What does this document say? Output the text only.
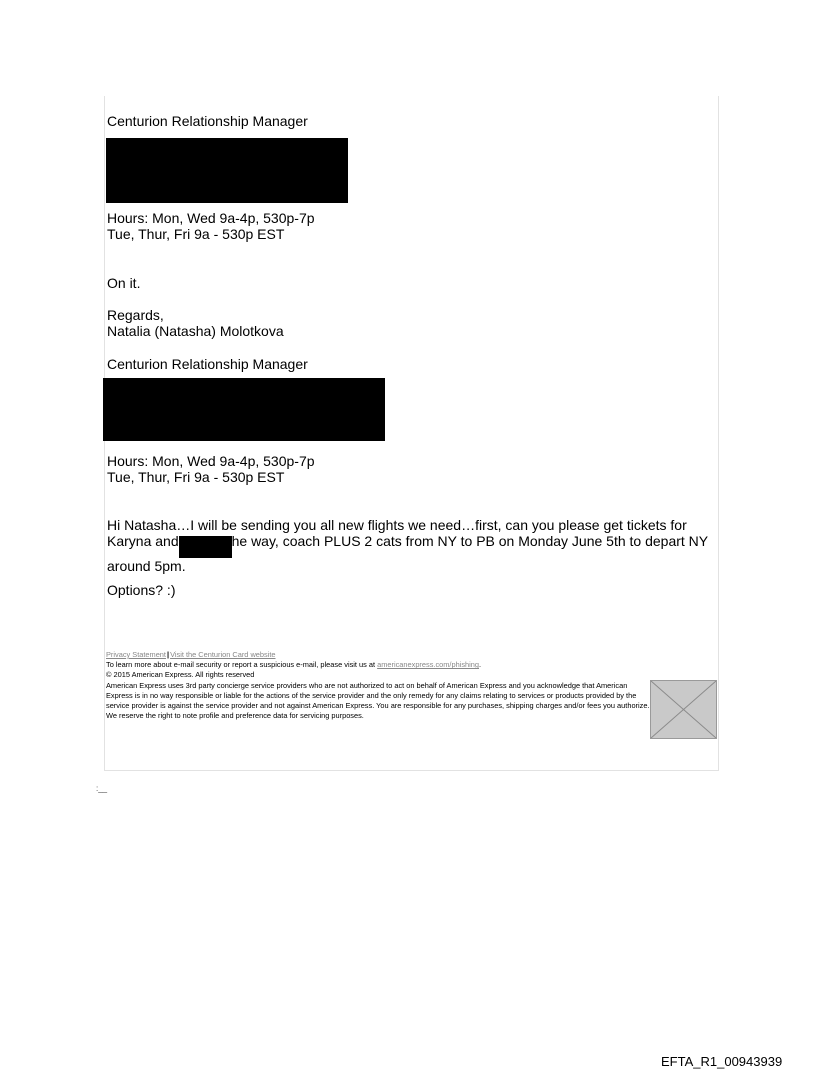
Centurion Relationship Manager
Hours: Mon, Wed 9a-4p, 530p-7p
Tue, Thur, Fri 9a - 530p EST
On it.
Regards,
Natalia (Natasha) Molotkova
Centurion Relationship Manager
Hours: Mon, Wed 9a-4p, 530p-7p
Tue, Thur, Fri 9a - 530p EST
Hi Natasha…I will be sending you all new flights we need…first, can you please get tickets for Karyna and	he way, coach PLUS 2 cats from NY to PB on Monday June 5th to depart NY around 5pm.
Options? :)
Privacy Statement|Visit the Centurion Card website
To learn more about e-mail security or report a suspicious e-mail, please visit us at americanexpress.com/phishing.
© 2015 American Express. All rights reserved
American Express uses 3rd party concierge service providers who are not authorized to act on behalf of American Express and you acknowledge that American Express is in no way responsible or liable for the actions of the service provider and the only remedy for any claims relating to services or products provided by the service provider is against the service provider and not against American Express. You are responsible for any purchases, shipping charges and/or fees you authorize. We reserve the right to note profile and preference data for servicing purposes.
:__
EFTA_R1_00943939
